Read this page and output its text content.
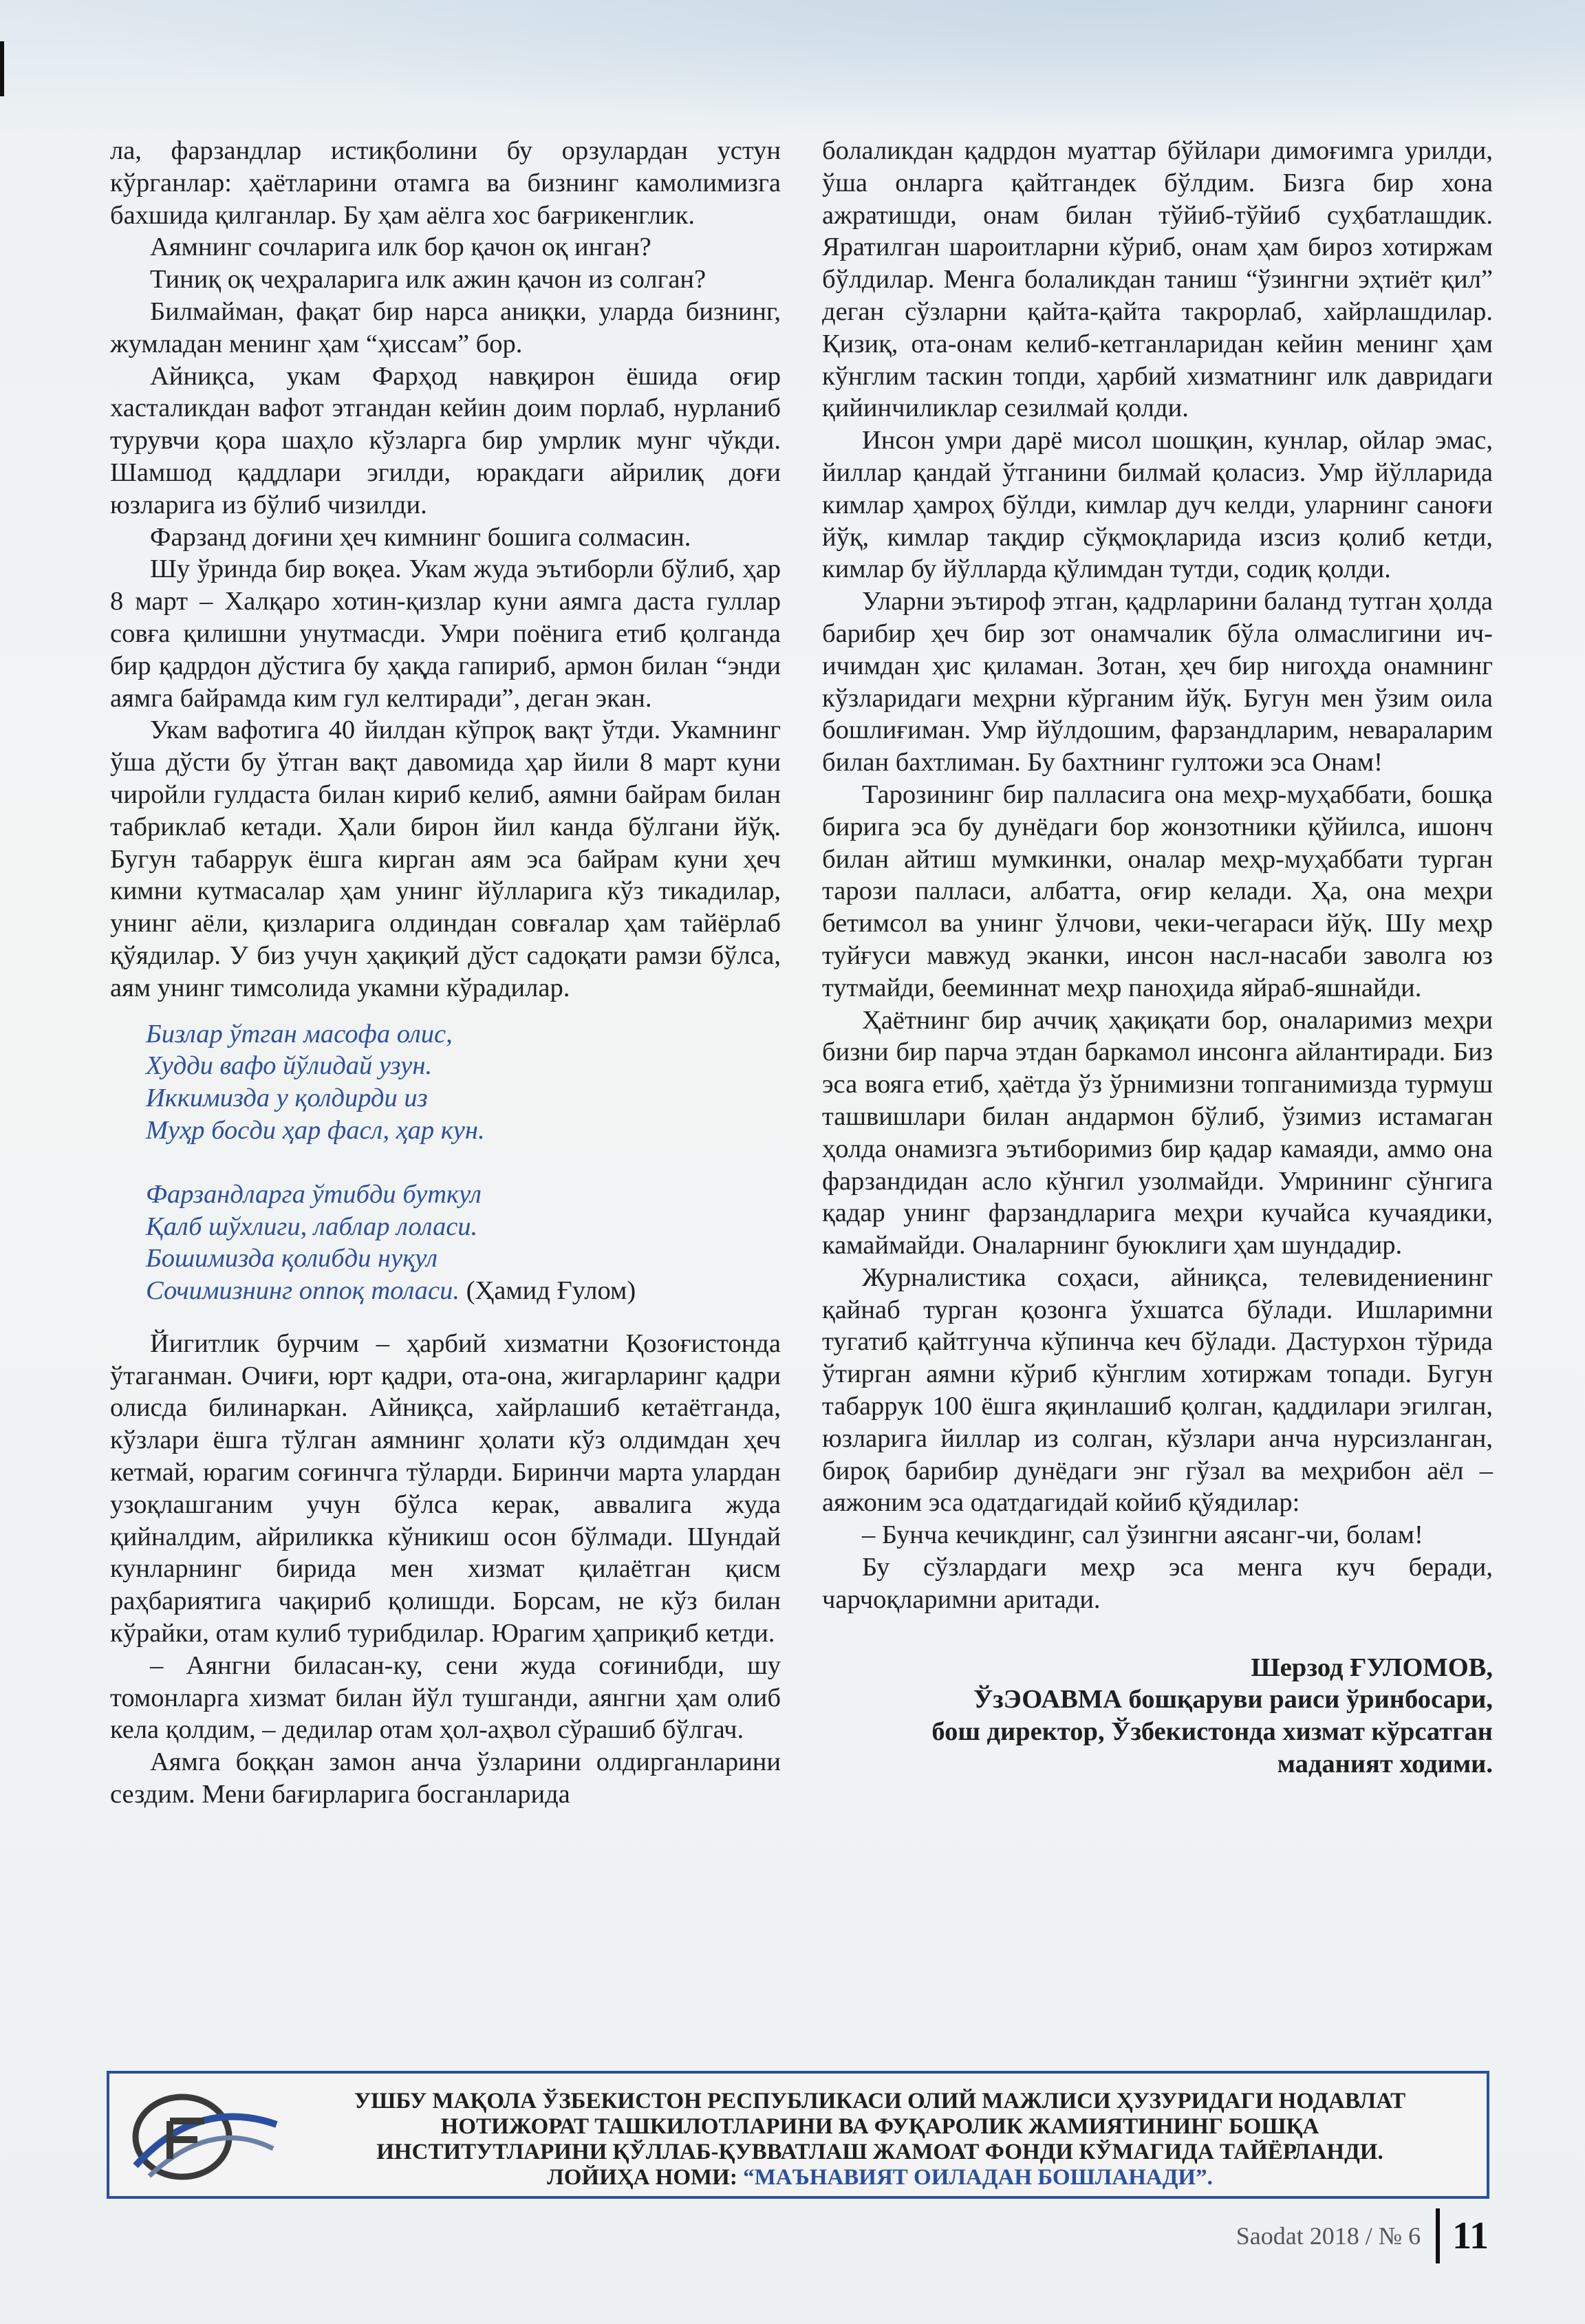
ла, фарзандлар истиқболини бу орзулардан устун кўрганлар: ҳаётларини отамга ва бизнинг камолимизга бахшида қилганлар. Бу ҳам аёлга хос бағрикенглик.

Аямнинг сочларига илк бор қачон оқ инган?

Тиниқ оқ чеҳраларига илк ажин қачон из солган?

Билмайман, фақат бир нарса аниқки, уларда бизнинг, жумладан менинг ҳам “ҳиссам” бор.

Айниқса, укам Фарҳод навқирон ёшида оғир хасталикдан вафот этгандан кейин доим порлаб, нурланиб турувчи қора шаҳло кўзларга бир умрлик мунг чўкди. Шамшод қаддлари эгилди, юракдаги айрилиқ доғи юзларига из бўлиб чизилди.

Фарзанд доғини ҳеч кимнинг бошига солмасин.

Шу ўринда бир воқеа. Укам жуда эътиборли бўлиб, ҳар 8 март – Халқаро хотин-қизлар куни аямга даста гуллар совға қилишни унутмасди. Умри поёнига етиб қолганда бир қадрдон дўстига бу ҳақда гапириб, армон билан “энди аямга байрамда ким гул келтиради”, деган экан.

Укам вафотига 40 йилдан кўпроқ вақт ўтди. Укамнинг ўша дўсти бу ўтган вақт давомида ҳар йили 8 март куни чиройли гулдаста билан кириб келиб, аямни байрам билан табриклаб кетади. Ҳали бирон йил канда бўлгани йўқ. Бугун табаррук ёшга кирган аям эса байрам куни ҳеч кимни кутмасалар ҳам унинг йўлларига кўз тикадилар, унинг аёли, қизларига олдиндан совғалар ҳам тайёрлаб қўядилар. У биз учун ҳақиқий дўст садоқати рамзи бўлса, аям унинг тимсолида укамни кўрадилар.

Бизлар ўтган масофа олис,
Худди вафо йўлидай узун.
Иккимизда у қолдирди из
Муҳр босди ҳар фасл, ҳар кун.
Фарзандларга ўтибди буткул
Қалб шўхлиги, лаблар лоласи.
Бошимизда қолибди нуқул
Сочимизнинг оппоқ толаси. (Ҳамид Ғулом)

Йигитлик бурчим – ҳарбий хизматни Қозоғистонда ўтаганман. Очиғи, юрт қадри, ота-она, жигарларинг қадри олисда билинаркан. Айниқса, хайрлашиб кетаётганда, кўзлари ёшга тўлган аямнинг ҳолати кўз олдимдан ҳеч кетмай, юрагим соғинчга тўларди. Биринчи марта улардан узоқлашганим учун бўлса керак, аввалига жуда қийналдим, айриликка кўникиш осон бўлмади. Шундай кунларнинг бирида мен хизмат қилаётган қисм раҳбариятига чақириб қолишди. Борсам, не кўз билан кўрайки, отам кулиб турибдилар. Юрагим ҳаприқиб кетди.

– Аянгни биласан-ку, сени жуда соғинибди, шу томонларга хизмат билан йўл тушганди, аянгни ҳам олиб кела қолдим, – дедилар отам ҳол-аҳвол сўрашиб бўлгач.

Аямга боққан замон анча ўзларини олдирганларини сездим. Мени бағирларига босганларида

болаликдан қадрдон муаттар бўйлари димоғимга урилди, ўша онларга қайтгандек бўлдим. Бизга бир хона ажратишди, онам билан тўйиб-тўйиб суҳбатлашдик. Яратилган шароитларни кўриб, онам ҳам бироз хотиржам бўлдилар. Менга болаликдан таниш “ўзингни эҳтиёт қил” деган сўзларни қайта-қайта такрорлаб, хайрлашдилар. Қизиқ, ота-онам келиб-кетганларидан кейин менинг ҳам кўнглим таскин топди, ҳарбий хизматнинг илк давридаги қийинчиликлар сезилмай қолди.

Инсон умри дарё мисол шошқин, кунлар, ойлар эмас, йиллар қандай ўтганини билмай қоласиз. Умр йўлларида кимлар ҳамроҳ бўлди, кимлар дуч келди, уларнинг саноғи йўқ, кимлар тақдир сўқмоқларида изсиз қолиб кетди, кимлар бу йўлларда қўлимдан тутди, содиқ қолди.

Уларни эътироф этган, қадрларини баланд тутган ҳолда барибир ҳеч бир зот онамчалик бўла олмаслигини ич-ичимдан ҳис қиламан. Зотан, ҳеч бир нигоҳда онамнинг кўзларидаги меҳрни кўрганим йўқ. Бугун мен ўзим оила бошлиғиман. Умр йўлдошим, фарзандларим, невараларим билан бахтлиман. Бу бахтнинг гултожи эса Онам!

Тарозининг бир палласига она меҳр-муҳаббати, бошқа бирига эса бу дунёдаги бор жонзотники қўйилса, ишонч билан айтиш мумкинки, оналар меҳр-муҳаббати турган тарози палласи, албатта, оғир келади. Ҳа, она меҳри бетимсол ва унинг ўлчови, чеки-чегараси йўқ. Шу меҳр туйғуси мавжуд эканки, инсон насл-насаби заволга юз тутмайди, бееминнат меҳр паноҳида яйраб-яшнайди.

Ҳаётнинг бир аччиқ ҳақиқати бор, оналаримиз меҳри бизни бир парча этдан баркамол инсонга айлантиради. Биз эса вояга етиб, ҳаётда ўз ўрнимизни топганимизда турмуш ташвишлари билан андармон бўлиб, ўзимиз истамаган ҳолда онамизга эътиборимиз бир қадар камаяди, аммо она фарзандидан асло кўнгил узолмайди. Умрининг сўнгига қадар унинг фарзандларига меҳри кучайса кучаядики, камаймайди. Оналарнинг буюклиги ҳам шундадир.

Журналистика соҳаси, айниқса, телевидениенинг қайнаб турган қозонга ўхшатса бўлади. Ишларимни тугатиб қайтгунча кўпинча кеч бўлади. Дастурхон тўрида ўтирган аямни кўриб кўнглим хотиржам топади. Бугун табаррук 100 ёшга яқинлашиб қолган, қаддилари эгилган, юзларига йиллар из солган, кўзлари анча нурсизланган, бироқ барибир дунёдаги энг гўзал ва меҳрибон аёл – аяжоним эса одатдагидай койиб қўядилар:

– Бунча кечикдинг, сал ўзингни аясанг-чи, болам!

Бу сўзлардаги меҳр эса менга куч беради, чарчоқларимни аритади.

Шерзод ҒУЛОМОВ,
ЎзЭОАВМА бошқаруви раиси ўринбосари,
бош директор, Ўзбекистонда хизмат кўрсатган
маданият ходими.
УШБУ МАҚОЛА ЎЗБЕКИСТОН РЕСПУБЛИКАСИ ОЛИЙ МАЖЛИСИ ҲУЗУРИДАГИ НОДАВЛАТ
НОТИЖОРАТ ТАШКИЛОТЛАРИНИ ВА ФУҚАРОЛИК ЖАМИЯТИНИНГ БОШҚА
ИНСТИТУТЛАРИНИ ҚЎЛЛАБ-ҚУВВАТЛАШ ЖАМОАТ ФОНДИ КЎМАГИДА ТАЙЁРЛАНДИ.
ЛОЙИҲА НОМИ: “МАЪНАВИЯТ ОИЛАДАН БОШЛАНАДИ”.
Saodat 2018 / № 6 11
